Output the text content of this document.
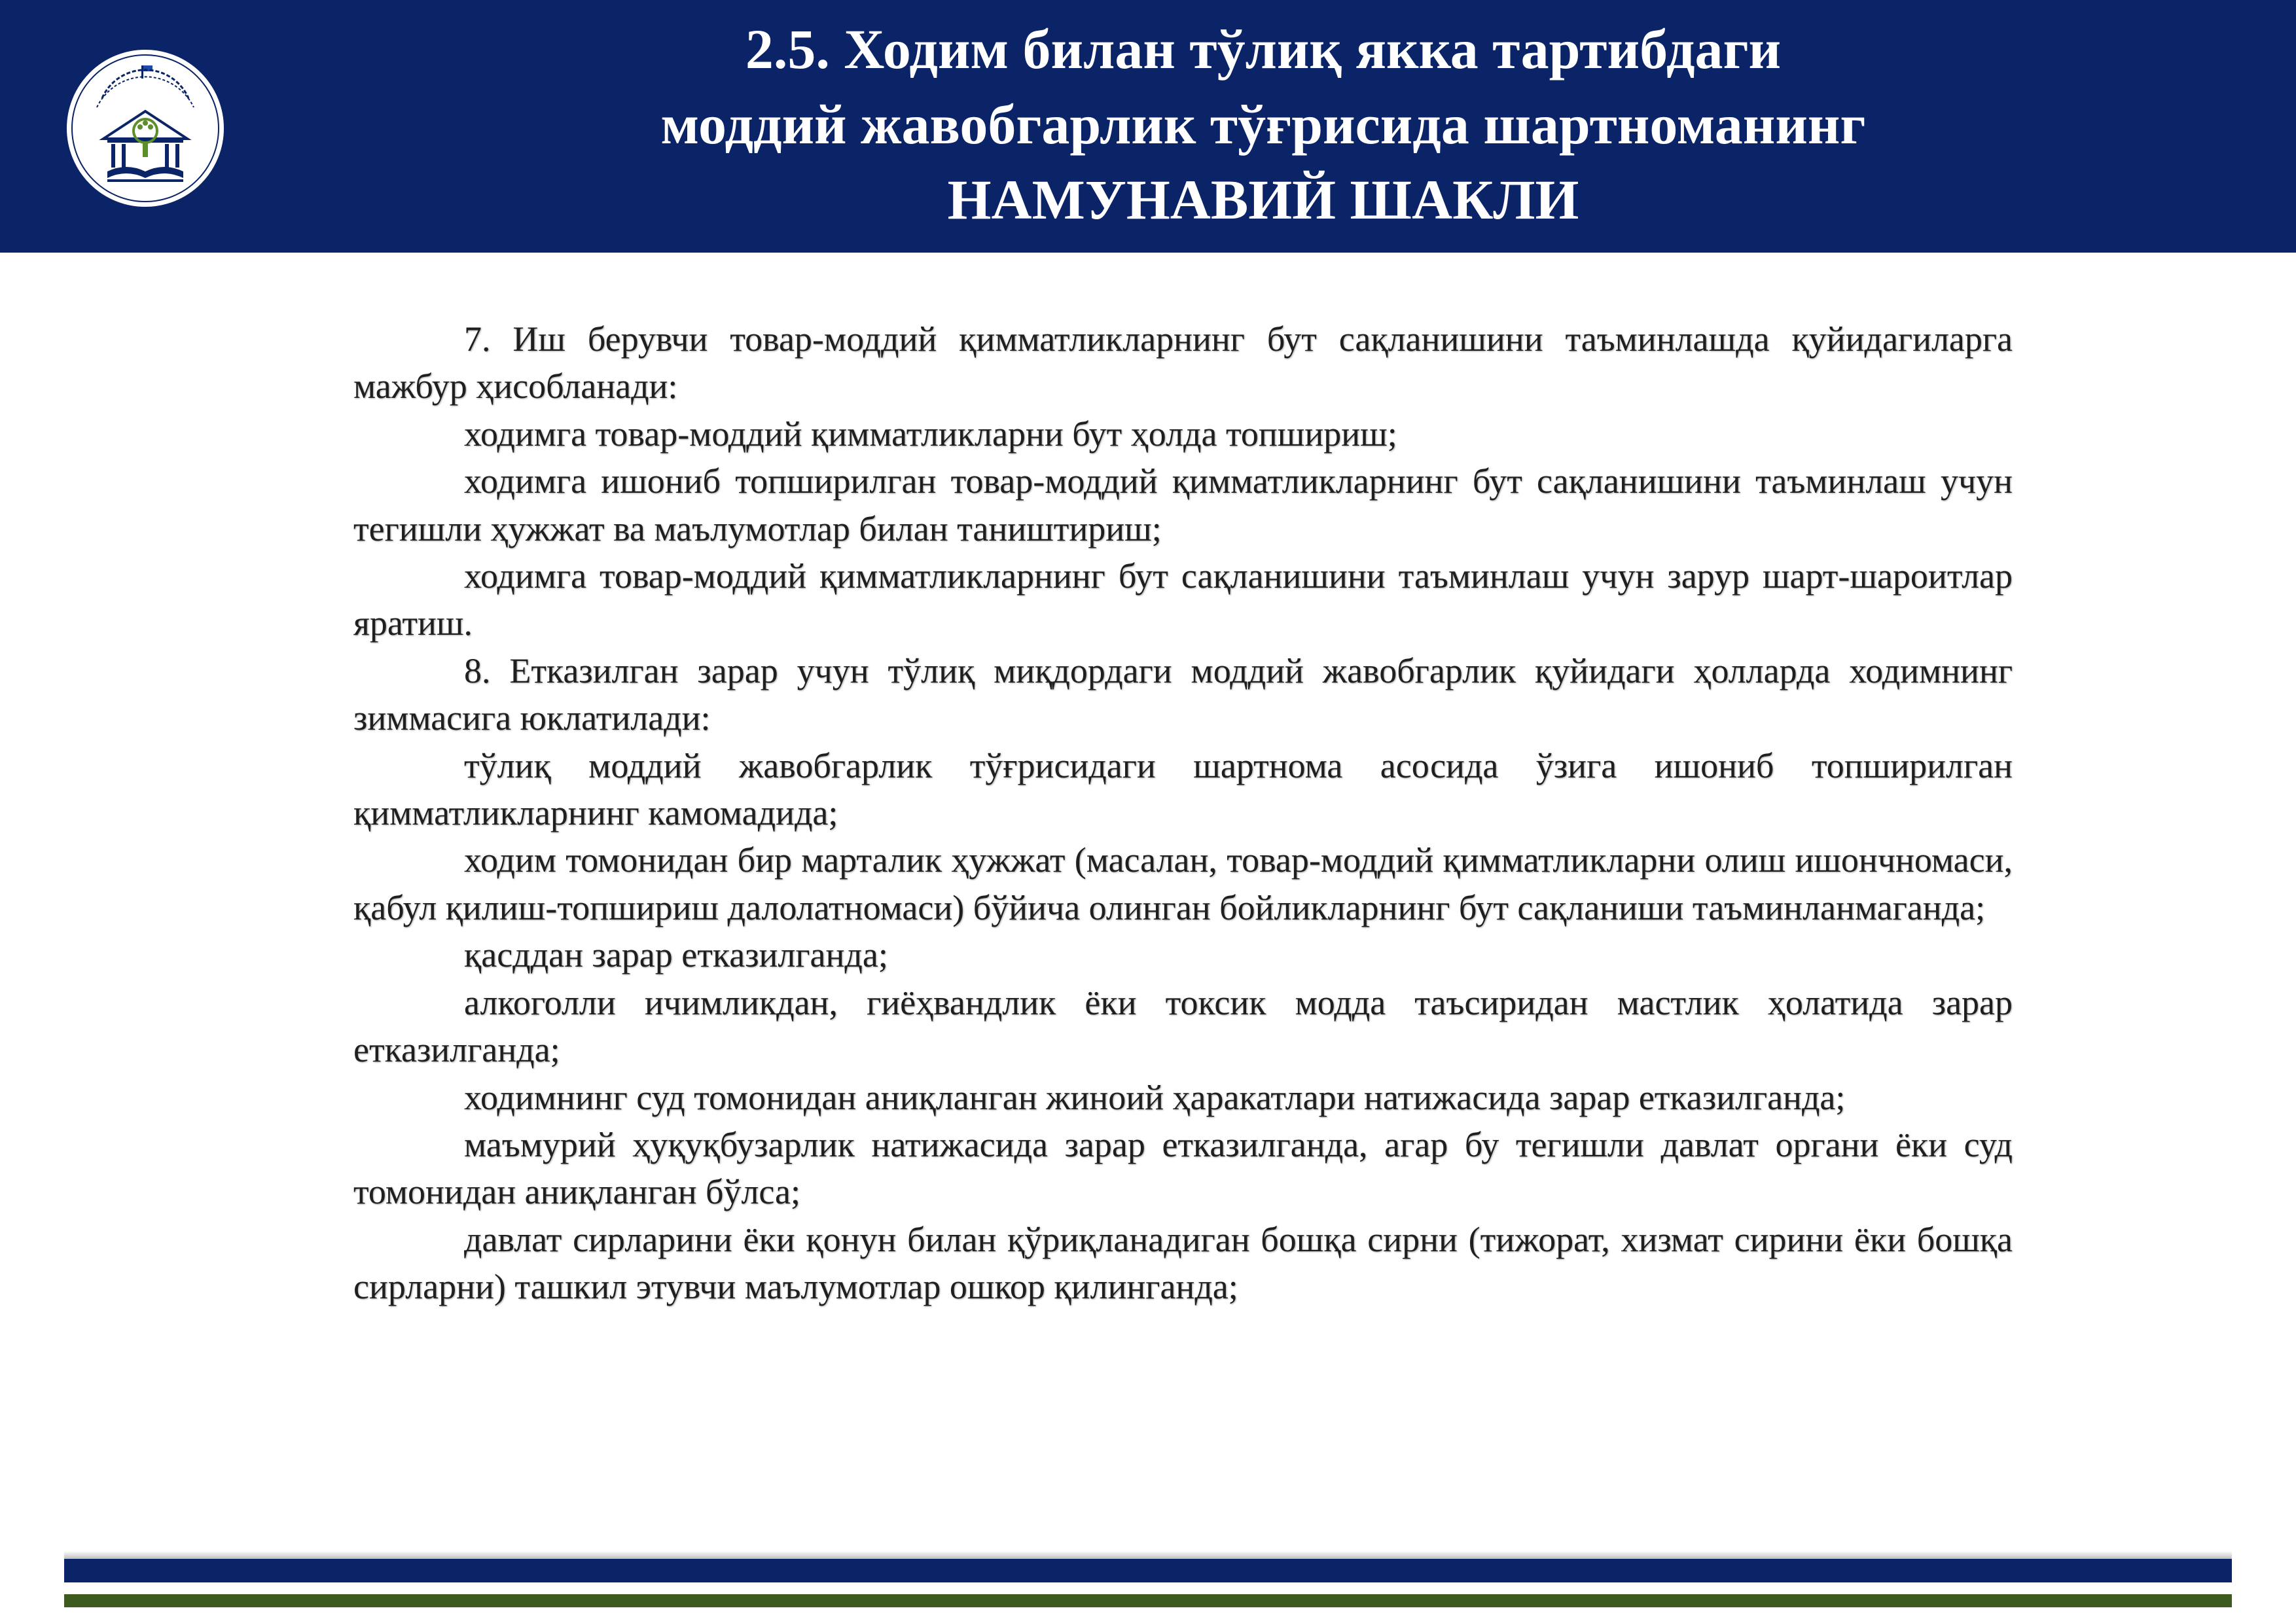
2.5. Ходим билан тўлиқ якка тартибдаги
моддий жавобгарлик тўғрисида шартноманинг
НАМУНАВИЙ ШАКЛИ

7. Иш берувчи товар-моддий қимматликларнинг бут сақланишини таъминлашда қуйидагиларга мажбур ҳисобланади:

ходимга товар-моддий қимматликларни бут ҳолда топшириш;

ходимга ишониб топширилган товар-моддий қимматликларнинг бут сақланишини таъминлаш учун тегишли ҳужжат ва маълумотлар билан таништириш;

ходимга товар-моддий қимматликларнинг бут сақланишини таъминлаш учун зарур шарт-шароитлар яратиш.

8. Етказилган зарар учун тўлиқ миқдордаги моддий жавобгарлик қуйидаги ҳолларда ходимнинг зиммасига юклатилади:

тўлиқ моддий жавобгарлик тўғрисидаги шартнома асосида ўзига ишониб топширилган қимматликларнинг камомадида;

ходим томонидан бир марталик ҳужжат (масалан, товар-моддий қимматликларни олиш ишончномаси, қабул қилиш-топшириш далолатномаси) бўйича олинган бойликларнинг бут сақланиши таъминланмаганда;

қасддан зарар етказилганда;

алкоголли ичимликдан, гиёҳвандлик ёки токсик модда таъсиридан мастлик ҳолатида зарар етказилганда;

ходимнинг суд томонидан аниқланган жиноий ҳаракатлари натижасида зарар етказилганда;

маъмурий ҳуқуқбузарлик натижасида зарар етказилганда, агар бу тегишли давлат органи ёки суд томонидан аниқланган бўлса;

давлат сирларини ёки қонун билан қўриқланадиган бошқа сирни (тижорат, хизмат сирини ёки бошқа сирларни) ташкил этувчи маълумотлар ошкор қилинганда;
